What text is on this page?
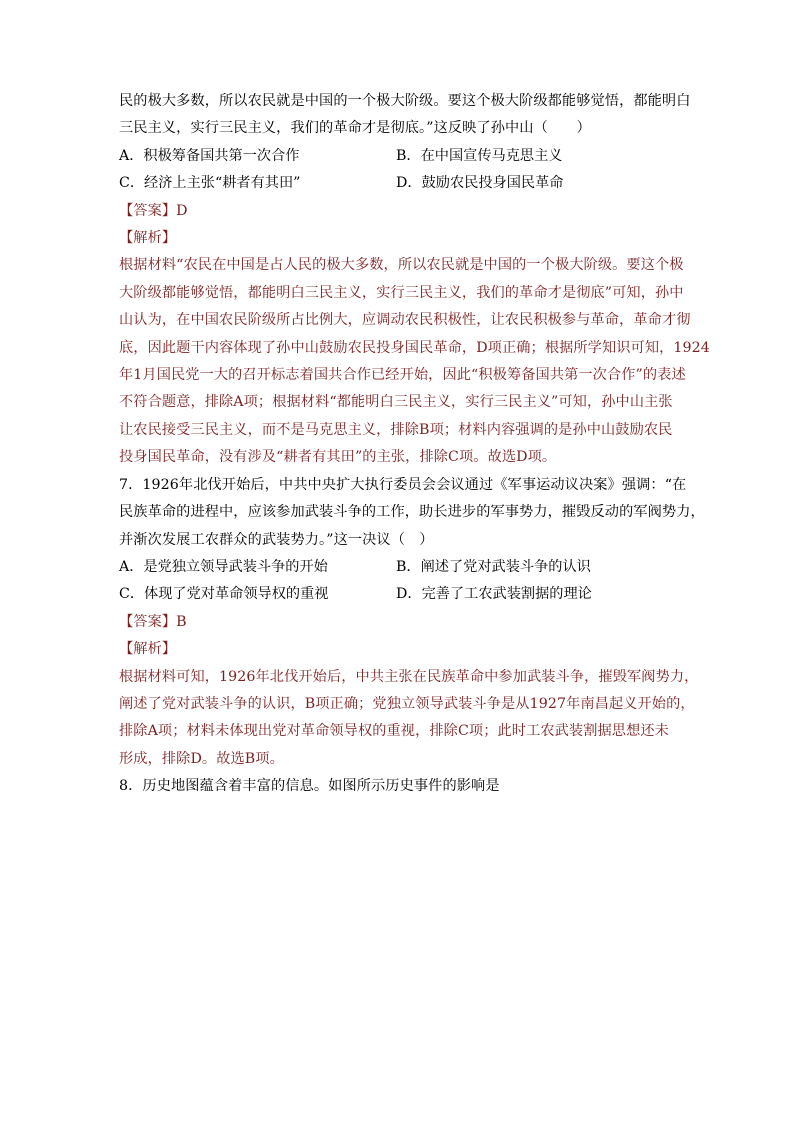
民的极大多数，所以农民就是中国的一个极大阶级。要这个极大阶级都能够觉悟，都能明白
三民主义，实行三民主义，我们的革命才是彻底。”这反映了孙中山（　　）
A．积极筹备国共第一次合作	B．在中国宣传马克思主义
C．经济上主张“耕者有其田”	D．鼓励农民投身国民革命
【答案】D
【解析】
根据材料“农民在中国是占人民的极大多数，所以农民就是中国的一个极大阶级。要这个极
大阶级都能够觉悟，都能明白三民主义，实行三民主义，我们的革命才是彻底”可知，孙中
山认为，在中国农民阶级所占比例大，应调动农民积极性，让农民积极参与革命，革命才彻
底，因此题干内容体现了孙中山鼓励农民投身国民革命，D项正确；根据所学知识可知，1924
年1月国民党一大的召开标志着国共合作已经开始，因此“积极筹备国共第一次合作”的表述
不符合题意，排除A项；根据材料“都能明白三民主义，实行三民主义”可知，孙中山主张
让农民接受三民主义，而不是马克思主义，排除B项；材料内容强调的是孙中山鼓励农民
投身国民革命，没有涉及“耕者有其田”的主张，排除C项。故选D项。
7．1926年北伐开始后，中共中央扩大执行委员会会议通过《军事运动议决案》强调：“在
民族革命的进程中，应该参加武装斗争的工作，助长进步的军事势力，摧毁反动的军阀势力，
并渐次发展工农群众的武装势力。”这一决议（　）
A．是党独立领导武装斗争的开始	B．阐述了党对武装斗争的认识
C．体现了党对革命领导权的重视	D．完善了工农武装割据的理论
【答案】B
【解析】
根据材料可知，1926年北伐开始后，中共主张在民族革命中参加武装斗争，摧毁军阀势力，
阐述了党对武装斗争的认识，B项正确；党独立领导武装斗争是从1927年南昌起义开始的，
排除A项；材料未体现出党对革命领导权的重视，排除C项；此时工农武装割据思想还未
形成，排除D。故选B项。
8．历史地图蕴含着丰富的信息。如图所示历史事件的影响是
